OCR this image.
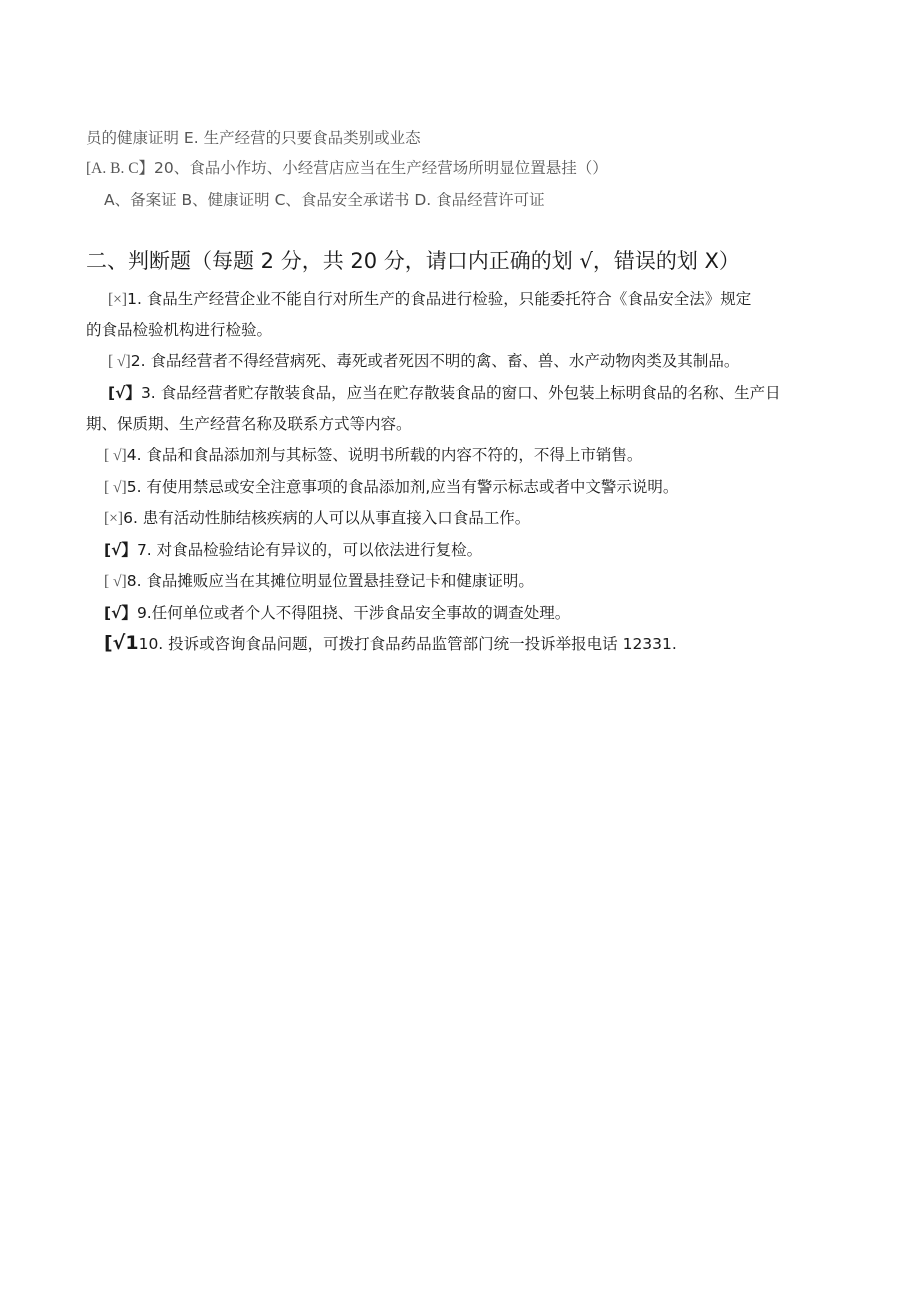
员的健康证明 E. 生产经营的只要食品类别或业态
[A. B. C】20、食品小作坊、小经营店应当在生产经营场所明显位置悬挂（）
A、备案证 B、健康证明 C、食品安全承诺书 D. 食品经营许可证
二、判断题（每题 2 分，共 20 分，请口内正确的划 √，错误的划 X）
[×]1. 食品生产经营企业不能自行对所生产的食品进行检验，只能委托符合《食品安全法》规定
的食品检验机构进行检验。
[ √]2. 食品经营者不得经营病死、毒死或者死因不明的禽、畜、兽、水产动物肉类及其制品。
[√】3. 食品经营者贮存散装食品，应当在贮存散装食品的窗口、外包装上标明食品的名称、生产日
期、保质期、生产经营名称及联系方式等内容。
[ √]4. 食品和食品添加剂与其标签、说明书所载的内容不符的，不得上市销售。
[ √]5. 有使用禁忌或安全注意事项的食品添加剂,应当有警示标志或者中文警示说明。
[×]6. 患有活动性肺结核疾病的人可以从事直接入口食品工作。
[√】7. 对食品检验结论有异议的，可以依法进行复检。
[ √]8. 食品摊贩应当在其摊位明显位置悬挂登记卡和健康证明。
[√】9.任何单位或者个人不得阻挠、干涉食品安全事故的调查处理。
[√110. 投诉或咨询食品问题，可拨打食品药品监管部门统一投诉举报电话 12331.
